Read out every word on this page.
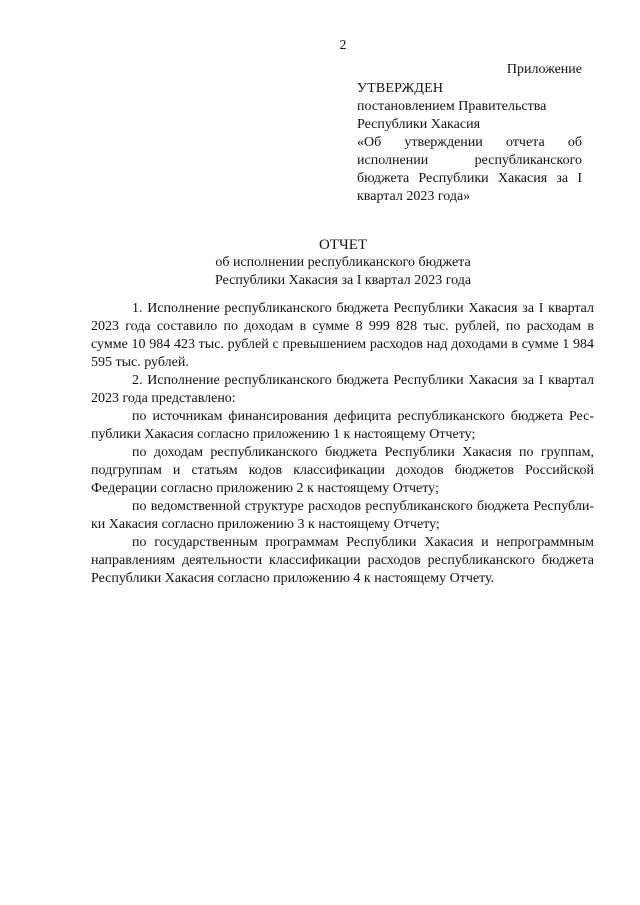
2
Приложение
УТВЕРЖДЕН
постановлением Правительства
Республики Хакасия
«Об утверждении отчета об исполнении республиканского бюджета Республики Хакасия за I квартал 2023 года»
ОТЧЕТ
об исполнении республиканского бюджета
Республики Хакасия за I квартал 2023 года

1. Исполнение республиканского бюджета Республики Хакасия за I квартал 2023 года составило по доходам в сумме 8 999 828 тыс. рублей, по расходам в сумме 10 984 423 тыс. рублей с превышением расходов над доходами в сумме 1 984 595 тыс. рублей.

2. Исполнение республиканского бюджета Республики Хакасия за I квартал 2023 года представлено:

по источникам финансирования дефицита республиканского бюджета Республики Хакасия согласно приложению 1 к настоящему Отчету;

по доходам республиканского бюджета Республики Хакасия по группам, подгруппам и статьям кодов классификации доходов бюджетов Российской Федерации согласно приложению 2 к настоящему Отчету;

по ведомственной структуре расходов республиканского бюджета Республики Хакасия согласно приложению 3 к настоящему Отчету;

по государственным программам Республики Хакасия и непрограммным направлениям деятельности классификации расходов республиканского бюджета Республики Хакасия согласно приложению 4 к настоящему Отчету.
